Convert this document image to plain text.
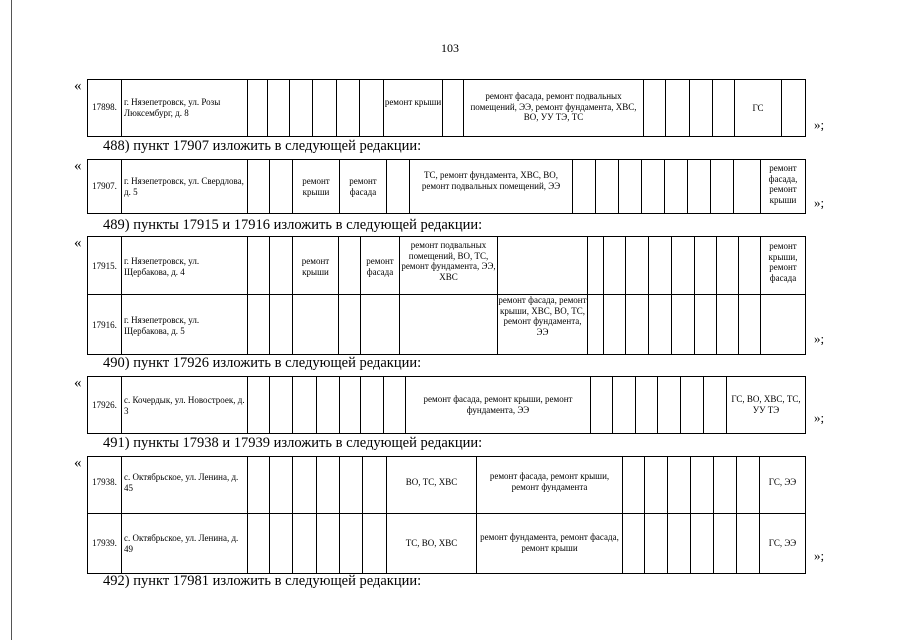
103
«
«
«
«
«
»;
»;
»;
»;
»;
488) пункт 17907 изложить в следующей редакции:
489) пункты 17915 и 17916 изложить в следующей редакции:
490) пункт 17926 изложить в следующей редакции:
491) пункты 17938 и 17939 изложить в следующей редакции:
492) пункт 17981 изложить в следующей редакции:
17898. г. Нязепетровск, ул. Розы Люксембург, д. 8
ремонт крыши
ремонт фасада, ремонт подвальных помещений, ЭЭ, ремонт фундамента, ХВС, ВО, УУ ТЭ, ТС
ГС
17907. г. Нязепетровск, ул. Свердлова, д. 5
ремонт крыши
ремонт фасада
ТС, ремонт фундамента, ХВС, ВО, ремонт подвальных помещений, ЭЭ
ремонт фасада, ремонт крыши
17915. г. Нязепетровск, ул. Щербакова, д. 4
ремонт крыши
ремонт фасада
ремонт подвальных помещений, ВО, ТС, ремонт фундамента, ЭЭ, ХВС
ремонт крыши, ремонт фасада
17916. г. Нязепетровск, ул. Щербакова, д. 5
ремонт фасада, ремонт крыши, ХВС, ВО, ТС, ремонт фундамента, ЭЭ
17926. с. Кочердык, ул. Новостроек, д. 3
ремонт фасада, ремонт крыши, ремонт фундамента, ЭЭ
ГС, ВО, ХВС, ТС, УУ ТЭ
17938. с. Октябрьское, ул. Ленина, д. 45
ВО, ТС, ХВС
ремонт фасада, ремонт крыши, ремонт фундамента	ГС, ЭЭ
17939. с. Октябрьское, ул. Ленина, д. 49
ТС, ВО, ХВС
ремонт фундамента, ремонт фасада, ремонт крыши	ГС, ЭЭ
